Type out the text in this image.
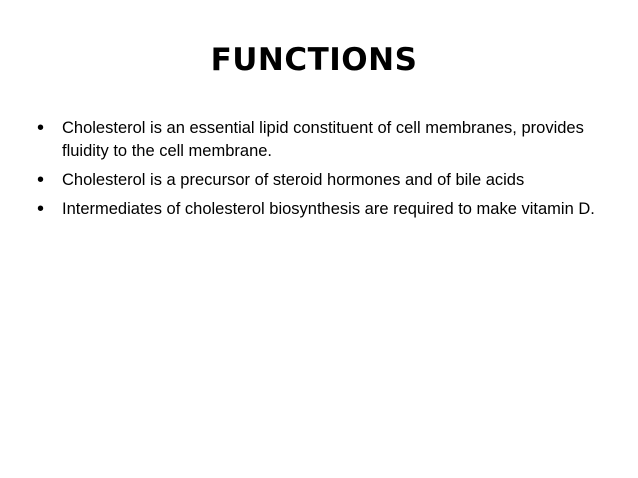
FUNCTIONS
• Cholesterol is an essential lipid constituent of cell membranes, provides fluidity to the cell membrane.
• Cholesterol is a precursor of steroid hormones and of bile acids
• Intermediates of cholesterol biosynthesis are required to make vitamin D.
